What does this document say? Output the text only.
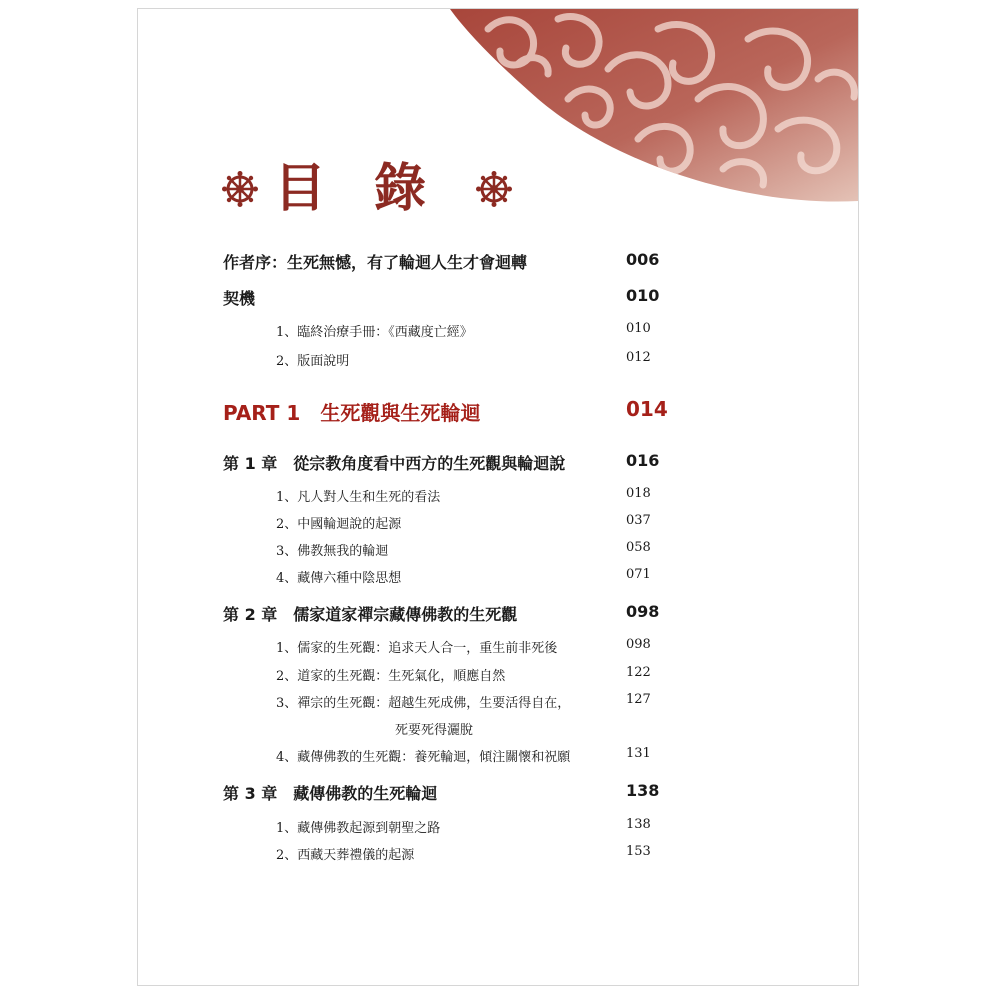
目錄
作者序：生死無憾，有了輪迴人生才會迴轉	006
契機	010
1、臨終治療手冊：《西藏度亡經》	010
2、版面說明	012
PART 1　生死觀與生死輪迴	014
第 1 章　從宗教角度看中西方的生死觀與輪迴說	016
1、凡人對人生和生死的看法	018
2、中國輪迴說的起源	037
3、佛教無我的輪迴	058
4、藏傳六種中陰思想	071
第 2 章　儒家道家禪宗藏傳佛教的生死觀	098
1、儒家的生死觀：追求天人合一，重生前非死後	098
2、道家的生死觀：生死氣化，順應自然	122
3、禪宗的生死觀：超越生死成佛，生要活得自在，	127
死要死得灑脫
4、藏傳佛教的生死觀：養死輪迴，傾注關懷和祝願	131
第 3 章　藏傳佛教的生死輪迴	138
1、藏傳佛教起源到朝聖之路	138
2、西藏天葬禮儀的起源	153
